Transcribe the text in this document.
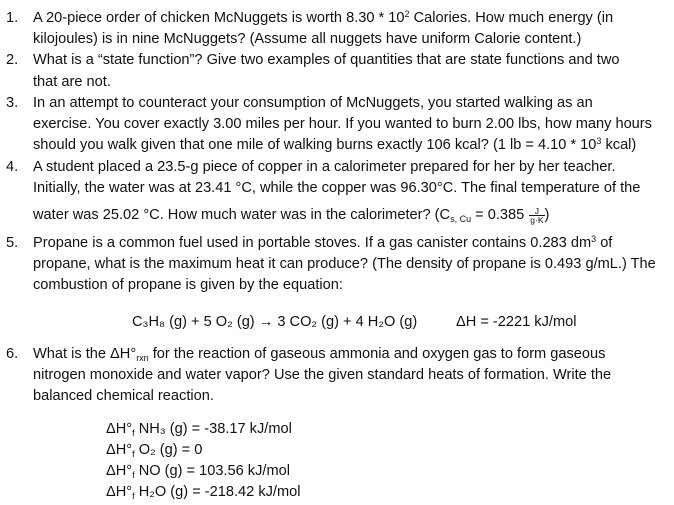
1.	A 20-piece order of chicken McNuggets is worth $8.30 * 10^2$ Calories. How much energy (in
kilojoules) is in nine McNuggets? (Assume all nuggets have uniform Calorie content.)
2.	What is a “state function”? Give two examples of quantities that are state functions and two
that are not.
3.	In an attempt to counteract your consumption of McNuggets, you started walking as an
exercise. You cover exactly 3.00 miles per hour. If you wanted to burn 2.00 lbs, how many hours
should you walk given that one mile of walking burns exactly 106 kcal? (1 lb = $4.10 * 10^3$ kcal)
4.	A student placed a 23.5-g piece of copper in a calorimeter prepared for her by her teacher.
Initially, the water was at 23.41 °C, while the copper was 96.30°C. The final temperature of the
water was 25.02 °C. How much water was in the calorimeter? ($C_{s, Cu} = 0.385 \frac{J}{g\cdot K}$ )
5.	Propane is a common fuel used in portable stoves. If a gas canister contains 0.283 $dm^3$ of
propane, what is the maximum heat it can produce? (The density of propane is 0.493 g/mL.) The
combustion of propane is given by the equation:
C₃H₈ (g) + 5 O₂ (g) → 3 CO₂ (g) + 4 H₂O (g)	ΔH = -2221 kJ/mol
6.	What is the $\Delta H^\circ_{rxn}$ for the reaction of gaseous ammonia and oxygen gas to form gaseous
nitrogen monoxide and water vapor? Use the given standard heats of formation. Write the
balanced chemical reaction.
$\Delta H^\circ_f$ NH₃ (g) = -38.17 kJ/mol
$\Delta H^\circ_f$ O₂ (g) = 0
$\Delta H^\circ_f$ NO (g) = 103.56 kJ/mol
$\Delta H^\circ_f$ H₂O (g) = -218.42 kJ/mol
